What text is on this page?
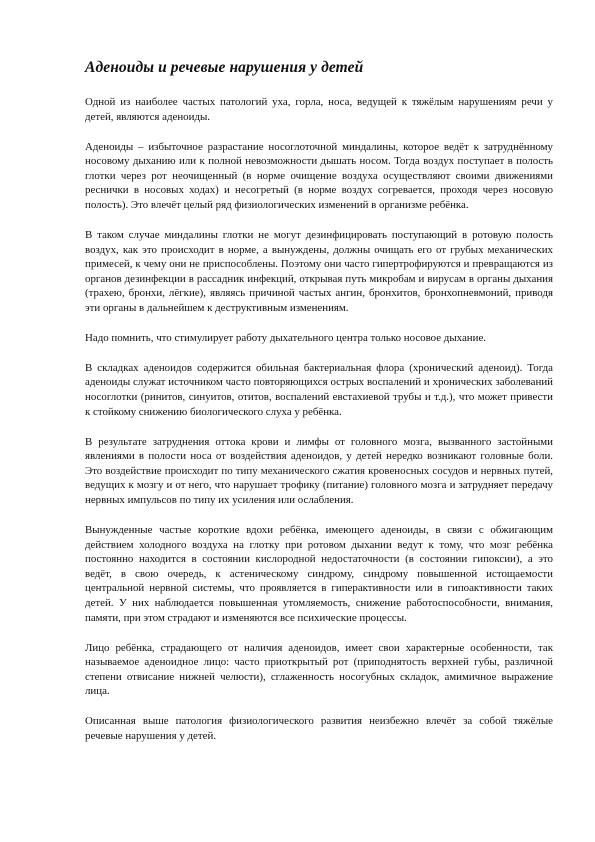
Аденоиды и речевые нарушения у детей

Одной из наиболее частых патологий уха, горла, носа, ведущей к тяжёлым нарушениям речи у детей, являются аденоиды.

Аденоиды – избыточное разрастание носоглоточной миндалины, которое ведёт к затруднённому носовому дыханию или к полной невозможности дышать носом. Тогда воздух поступает в полость глотки через рот неочищенный (в норме очищение воздуха осуществляют своими движениями реснички в носовых ходах) и несогретый (в норме воздух согревается, проходя через носовую полость). Это влечёт целый ряд физиологических изменений в организме ребёнка.

В таком случае миндалины глотки не могут дезинфицировать поступающий в ротовую полость воздух, как это происходит в норме, а вынуждены, должны очищать его от грубых механических примесей, к чему они не приспособлены. Поэтому они часто гипертрофируются и превращаются из органов дезинфекции в рассадник инфекций, открывая путь микробам и вирусам в органы дыхания (трахею, бронхи, лёгкие), являясь причиной частых ангин, бронхитов, бронхопневмоний, приводя эти органы в дальнейшем к деструктивным изменениям.

Надо помнить, что стимулирует работу дыхательного центра только носовое дыхание.

В складках аденоидов содержится обильная бактериальная флора (хронический аденоид). Тогда аденоиды служат источником часто повторяющихся острых воспалений и хронических заболеваний носоглотки (ринитов, синуитов, отитов, воспалений евстахиевой трубы и т.д.), что может привести к стойкому снижению биологического слуха у ребёнка.

В результате затруднения оттока крови и лимфы от головного мозга, вызванного застойными явлениями в полости носа от воздействия аденоидов, у детей нередко возникают головные боли. Это воздействие происходит по типу механического сжатия кровеносных сосудов и нервных путей, ведущих к мозгу и от него, что нарушает трофику (питание) головного мозга и затрудняет передачу нервных импульсов по типу их усиления или ослабления.

Вынужденные частые короткие вдохи ребёнка, имеющего аденоиды, в связи с обжигающим действием холодного воздуха на глотку при ротовом дыхании ведут к тому, что мозг ребёнка постоянно находится в состоянии кислородной недостаточности (в состоянии гипоксии), а это ведёт, в свою очередь, к астеническому синдрому, синдрому повышенной истощаемости центральной нервной системы, что проявляется в гиперактивности или в гипоактивности таких детей. У них наблюдается повышенная утомляемость, снижение работоспособности, внимания, памяти, при этом страдают и изменяются все психические процессы.

Лицо ребёнка, страдающего от наличия аденоидов, имеет свои характерные особенности, так называемое аденоидное лицо: часто приоткрытый рот (приподнятость верхней губы, различной степени отвисание нижней челюсти), сглаженность носогубных складок, амимичное выражение лица.

Описанная выше патология физиологического развития неизбежно влечёт за собой тяжёлые речевые нарушения у детей.
